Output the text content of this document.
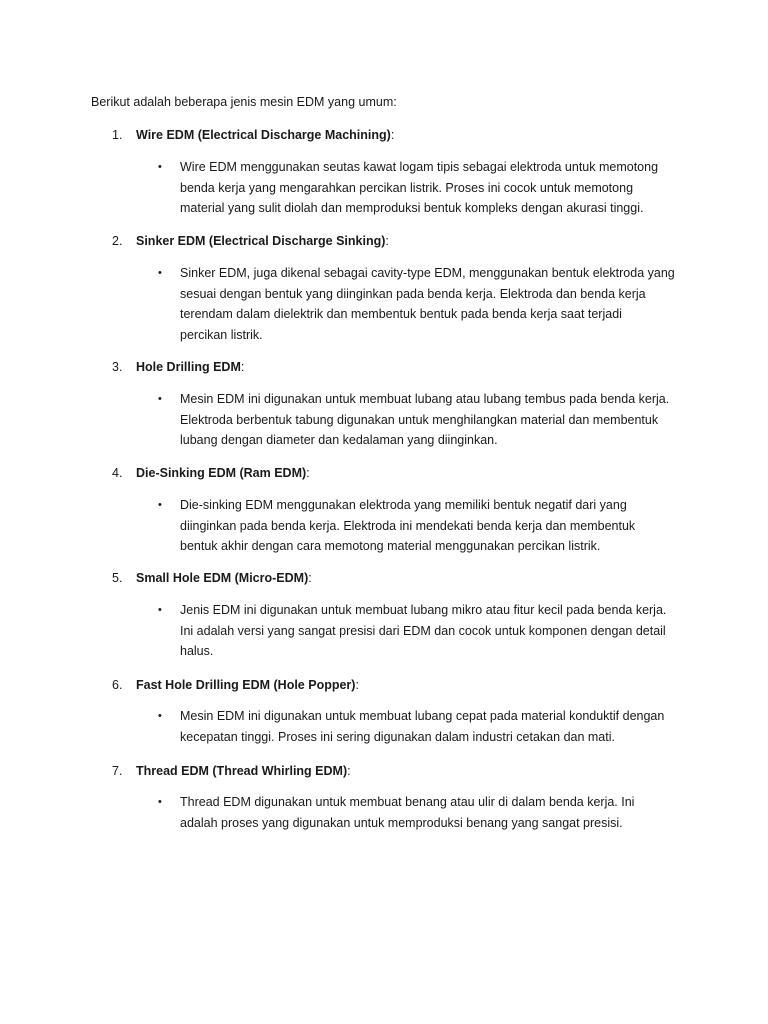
Berikut adalah beberapa jenis mesin EDM yang umum:
1.	Wire EDM (Electrical Discharge Machining) :
•	Wire EDM menggunakan seutas kawat logam tipis sebagai elektroda untuk memotong
benda kerja yang mengarahkan percikan listrik. Proses ini cocok untuk memotong
material yang sulit diolah dan memproduksi bentuk kompleks dengan akurasi tinggi.
2.	Sinker EDM (Electrical Discharge Sinking) :
•	Sinker EDM, juga dikenal sebagai cavity-type EDM, menggunakan bentuk elektroda yang
sesuai dengan bentuk yang diinginkan pada benda kerja. Elektroda dan benda kerja
terendam dalam dielektrik dan membentuk bentuk pada benda kerja saat terjadi
percikan listrik.
3.	Hole Drilling EDM :
•	Mesin EDM ini digunakan untuk membuat lubang atau lubang tembus pada benda kerja.
Elektroda berbentuk tabung digunakan untuk menghilangkan material dan membentuk
lubang dengan diameter dan kedalaman yang diinginkan.
4.	Die-Sinking EDM (Ram EDM) :
•	Die-sinking EDM menggunakan elektroda yang memiliki bentuk negatif dari yang
diinginkan pada benda kerja. Elektroda ini mendekati benda kerja dan membentuk
bentuk akhir dengan cara memotong material menggunakan percikan listrik.
5.	Small Hole EDM (Micro-EDM) :
•	Jenis EDM ini digunakan untuk membuat lubang mikro atau fitur kecil pada benda kerja.
Ini adalah versi yang sangat presisi dari EDM dan cocok untuk komponen dengan detail
halus.
6.	Fast Hole Drilling EDM (Hole Popper) :
•	Mesin EDM ini digunakan untuk membuat lubang cepat pada material konduktif dengan
kecepatan tinggi. Proses ini sering digunakan dalam industri cetakan dan mati.
7.	Thread EDM (Thread Whirling EDM) :
•	Thread EDM digunakan untuk membuat benang atau ulir di dalam benda kerja. Ini
adalah proses yang digunakan untuk memproduksi benang yang sangat presisi.
